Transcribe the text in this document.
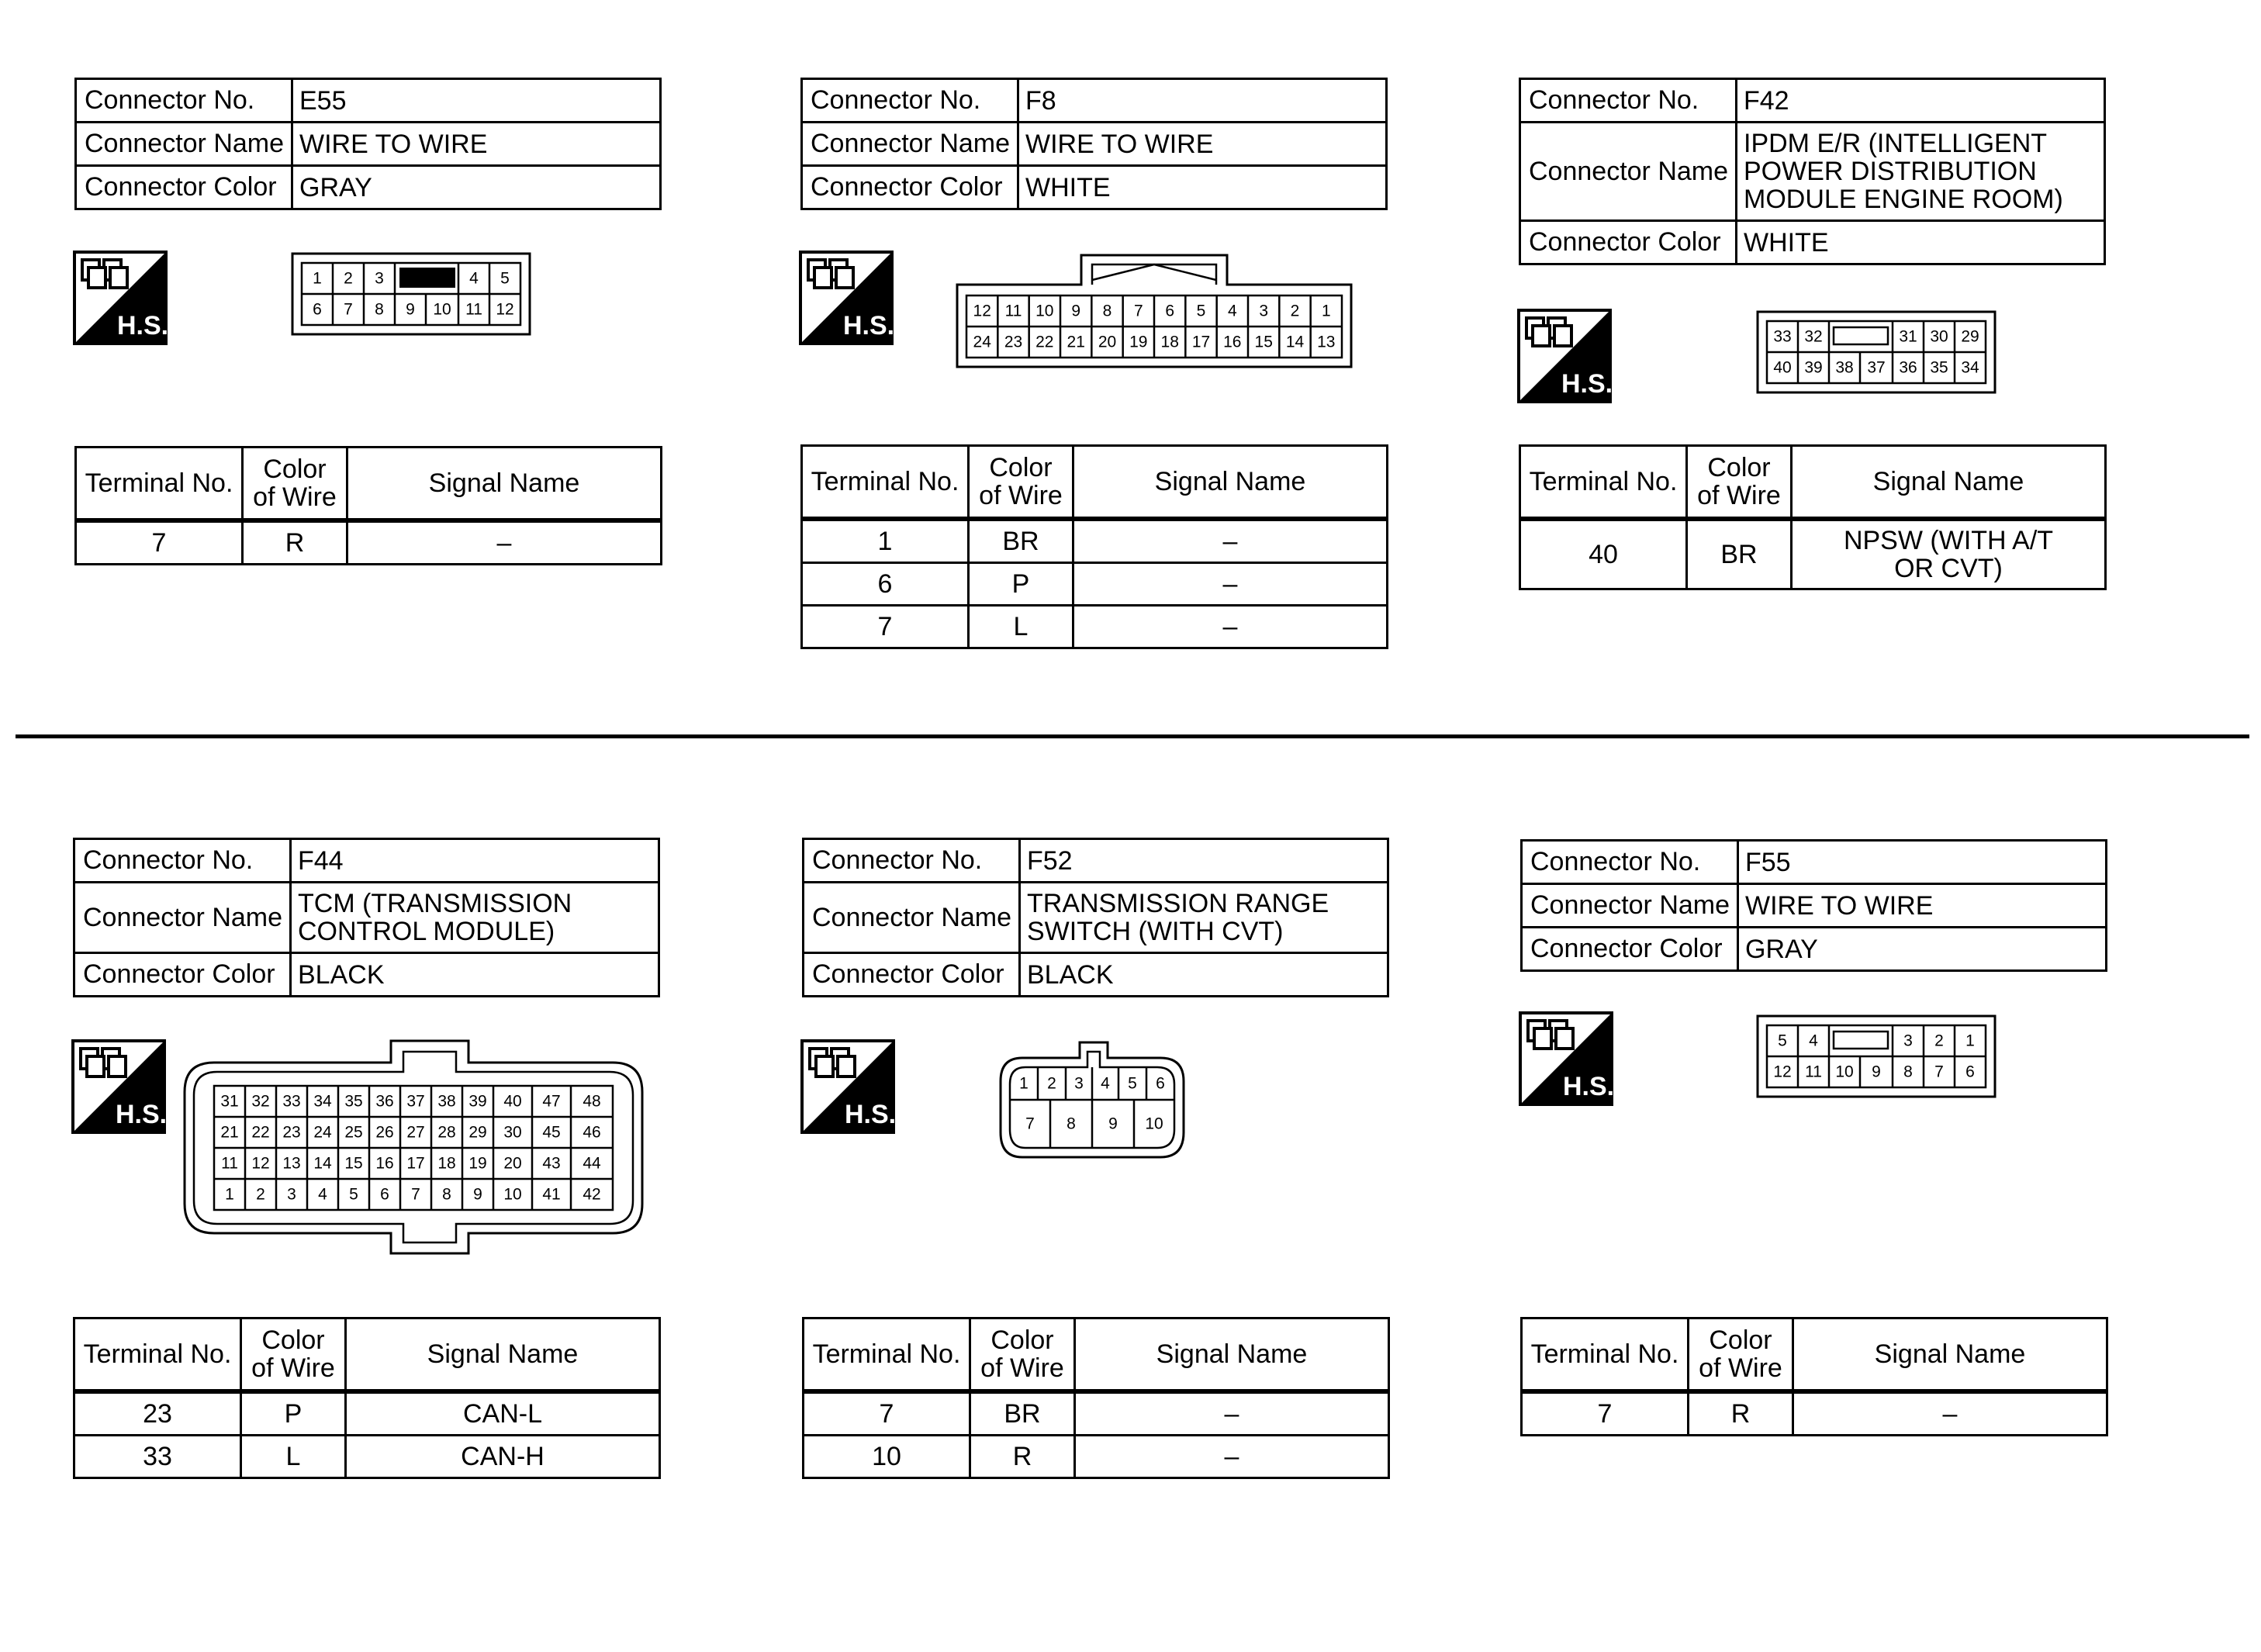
Connector No.	E55
Connector Name	WIRE TO WIRE
Connector Color	GRAY
H.S.
1 2 3	4 5
6 7 8 9 10 11 12
Terminal No.	Color of Wire	Signal Name
7	R	–
Connector No.	F8
Connector Name	WIRE TO WIRE
Connector Color	WHITE
H.S.	12 11 10 9 8 7 6 5 4 3 2 1
24 23 22 21 20 19 18 17 16 15 14 13
Terminal No.	Color of Wire	Signal Name
1	BR	–
6	P	–
7	L	–
Connector No.	F42
Connector Name	IPDM E/R (INTELLIGENT POWER DISTRIBUTION MODULE ENGINE ROOM)
Connector Color	WHITE
H.S.
33 32	31 30 29
40 39 38 37 36 35 34
Terminal No.	Color of Wire	Signal Name
40	BR	NPSW (WITH A/T OR CVT)
Connector No.	F44
Connector Name	TCM (TRANSMISSION CONTROL MODULE)
Connector Color	BLACK
H.S.	31 32 33 34 35 36 37 38 39 40 47 48
21 22 23 24 25 26 27 28 29 30 45 46
11 12 13 14 15 16 17 18 19 20 43 44
1 2 3 4 5 6 7 8 9 10 41 42
Terminal No.	Color of Wire	Signal Name
23	P	CAN-L
33	L	CAN-H
Connector No.	F52
Connector Name	TRANSMISSION RANGE SWITCH (WITH CVT)
Connector Color	BLACK
H.S.
1 2 3 4 5 6
7 8 9 10
Terminal No.	Color of Wire	Signal Name
7	BR	–
10	R	–
Connector No.	F55
Connector Name	WIRE TO WIRE
Connector Color	GRAY
H.S.
5 4	3 2 1
12 11 10 9 8 7 6
Terminal No.	Color of Wire	Signal Name
7	R	–
